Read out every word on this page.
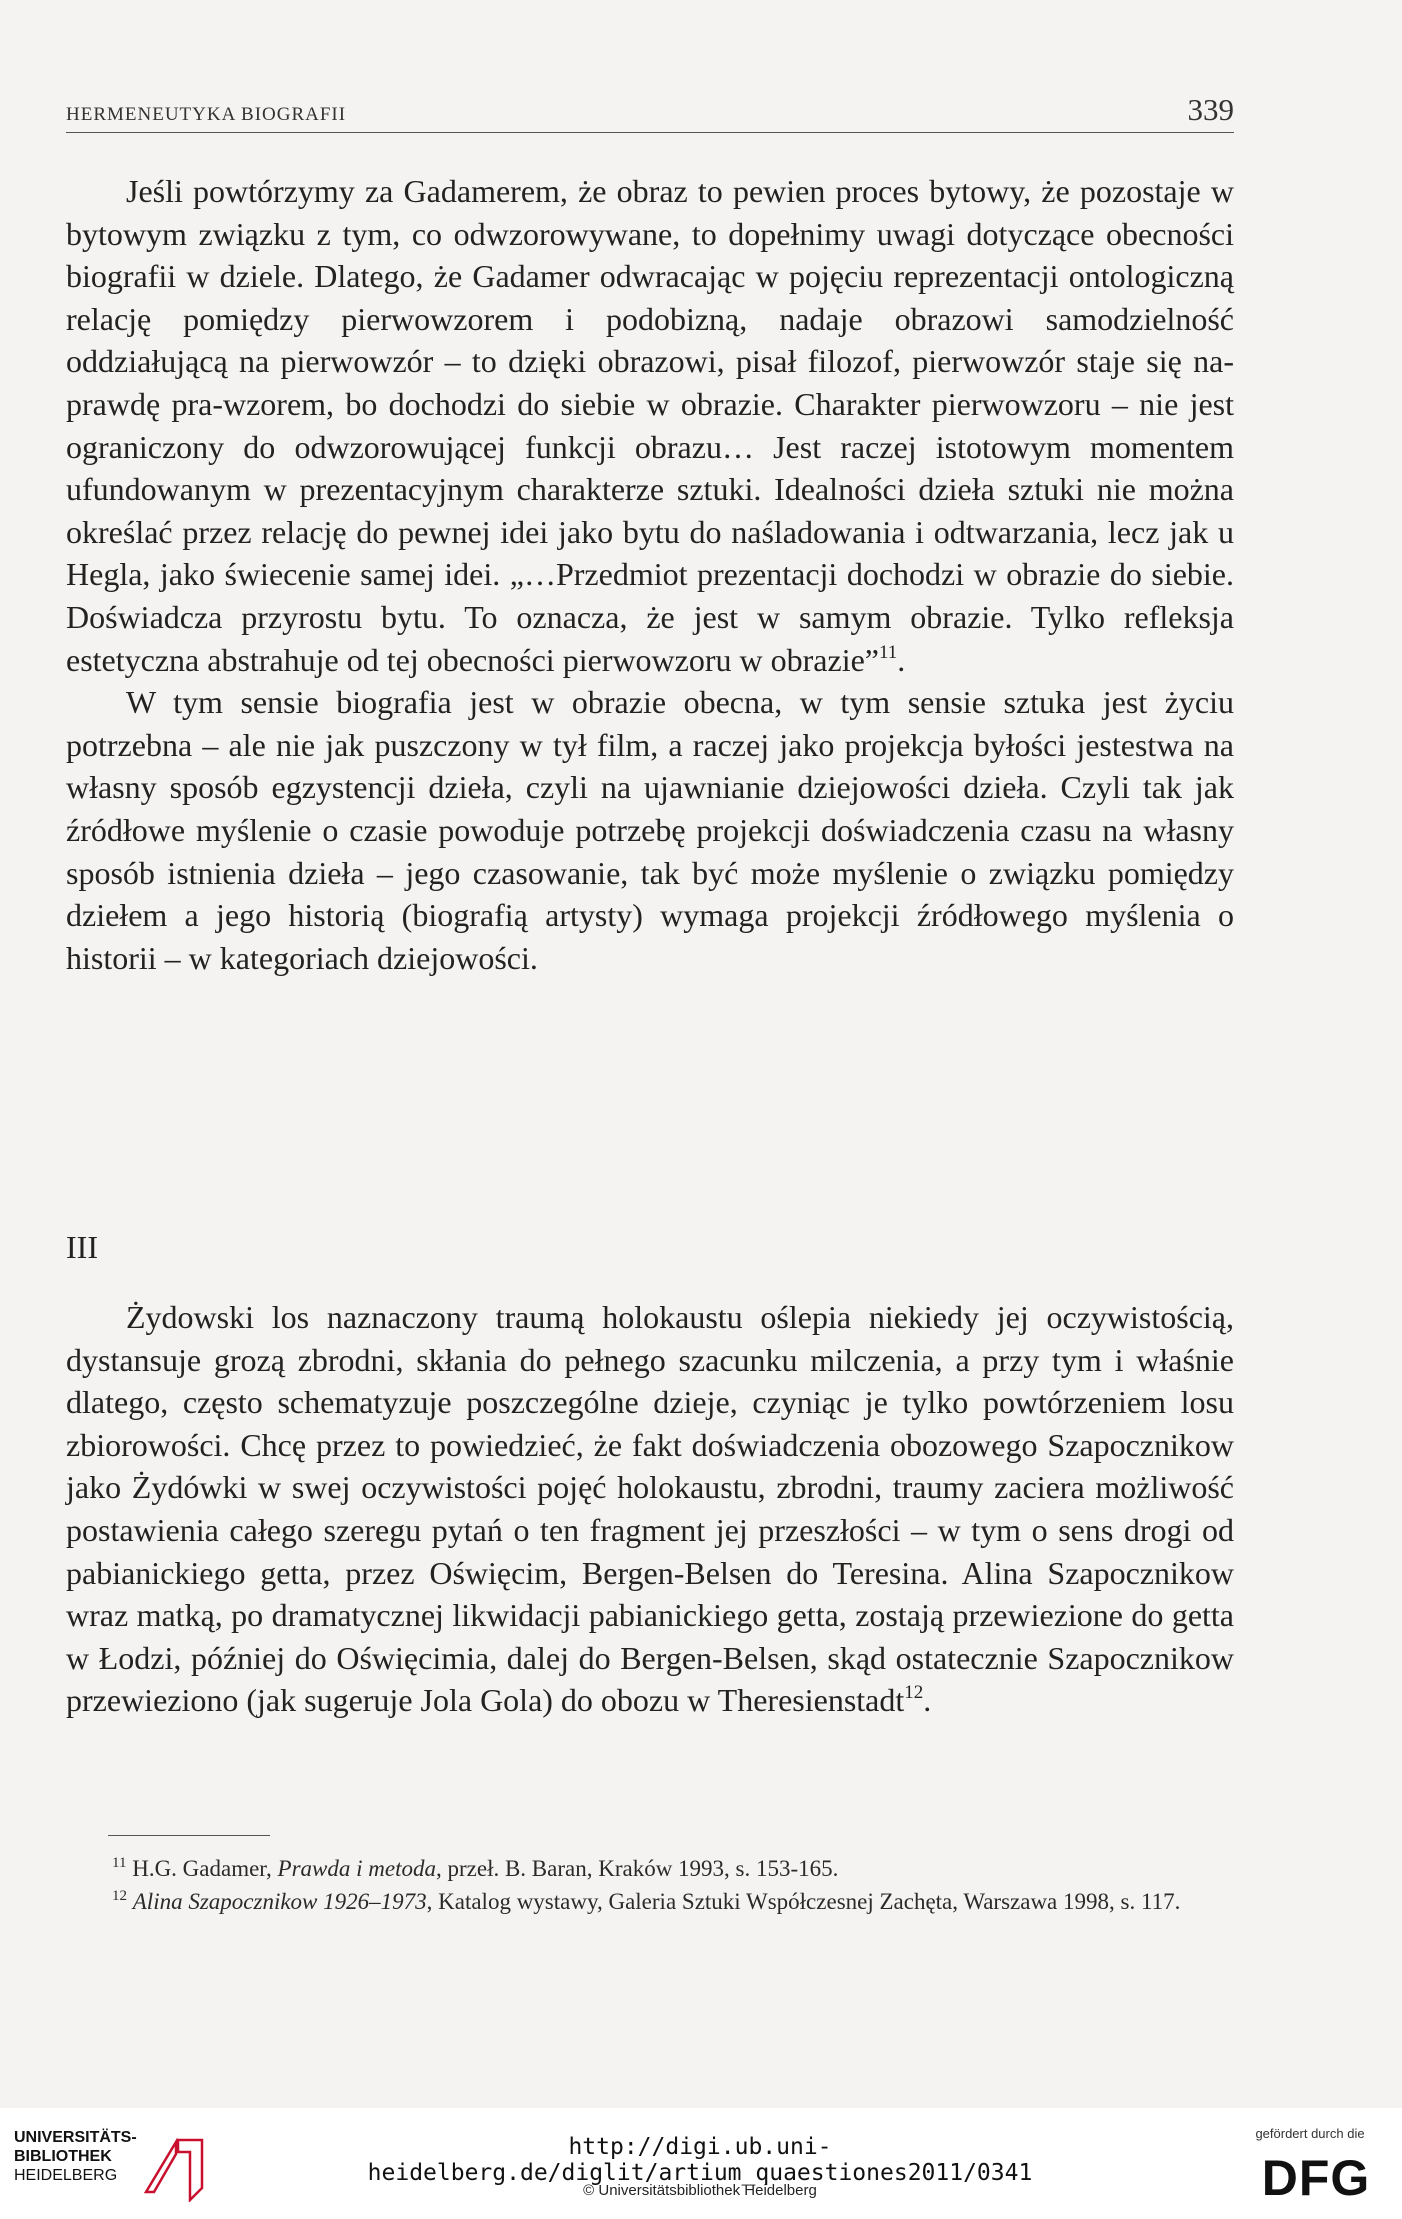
HERMENEUTYKA BIOGRAFII	339

Jeśli powtórzymy za Gadamerem, że obraz to pewien proces bytowy, że pozostaje w bytowym związku z tym, co odwzorowywane, to dopełnimy uwagi dotyczące obecności biografii w dziele. Dlatego, że Gadamer odwracając w pojęciu reprezentacji ontologiczną relację pomiędzy pierwowzorem i podobizną, nadaje obrazowi samodzielność oddziałującą na pierwowzór – to dzięki obrazowi, pisał filozof, pierwowzór staje się naprawdę pra-wzorem, bo dochodzi do siebie w obrazie. Charakter pierwowzoru – nie jest ograniczony do odwzorowującej funkcji obrazu… Jest raczej istotowym momentem ufundowanym w prezentacyjnym charakterze sztuki. Idealności dzieła sztuki nie można określać przez relację do pewnej idei jako bytu do naśladowania i odtwarzania, lecz jak u Hegla, jako świecenie samej idei. „…Przedmiot prezentacji dochodzi w obrazie do siebie. Doświadcza przyrostu bytu. To oznacza, że jest w samym obrazie. Tylko refleksja estetyczna abstrahuje od tej obecności pierwowzoru w obrazie”$^{11}$.

W tym sensie biografia jest w obrazie obecna, w tym sensie sztuka jest życiu potrzebna – ale nie jak puszczony w tył film, a raczej jako projekcja byłości jestestwa na własny sposób egzystencji dzieła, czyli na ujawnianie dziejowości dzieła. Czyli tak jak źródłowe myślenie o czasie powoduje potrzebę projekcji doświadczenia czasu na własny sposób istnienia dzieła – jego czasowanie, tak być może myślenie o związku pomiędzy dziełem a jego historią (biografią artysty) wymaga projekcji źródłowego myślenia o historii – w kategoriach dziejowości.

III

Żydowski los naznaczony traumą holokaustu oślepia niekiedy jej oczywistością, dystansuje grozą zbrodni, skłania do pełnego szacunku milczenia, a przy tym i właśnie dlatego, często schematyzuje poszczególne dzieje, czyniąc je tylko powtórzeniem losu zbiorowości. Chcę przez to powiedzieć, że fakt doświadczenia obozowego Szapocznikow jako Żydówki w swej oczywistości pojęć holokaustu, zbrodni, traumy zaciera możliwość postawienia całego szeregu pytań o ten fragment jej przeszłości – w tym o sens drogi od pabianickiego getta, przez Oświęcim, Bergen-Belsen do Teresina. Alina Szapocznikow wraz matką, po dramatycznej likwidacji pabianickiego getta, zostają przewiezione do getta w Łodzi, później do Oświęcimia, dalej do Bergen-Belsen, skąd ostatecznie Szapocznikow przewieziono (jak sugeruje Jola Gola) do obozu w Theresienstadt$^{12}$.

$^{11}$ H.G. Gadamer, Prawda i metoda, przeł. B. Baran, Kraków 1993, s. 153-165.

$^{12}$ Alina Szapocznikow 1926–1973, Katalog wystawy, Galeria Sztuki Współczesnej Zachęta, Warszawa 1998, s. 117.

UNIVERSITÄTS-
BIBLIOTHEK
HEIDELBERG
http://digi.ub.uni-heidelberg.de/diglit/artium_quaestiones2011/0341
© Universitätsbibliothek Heidelberg
gefördert durch die
DFG
